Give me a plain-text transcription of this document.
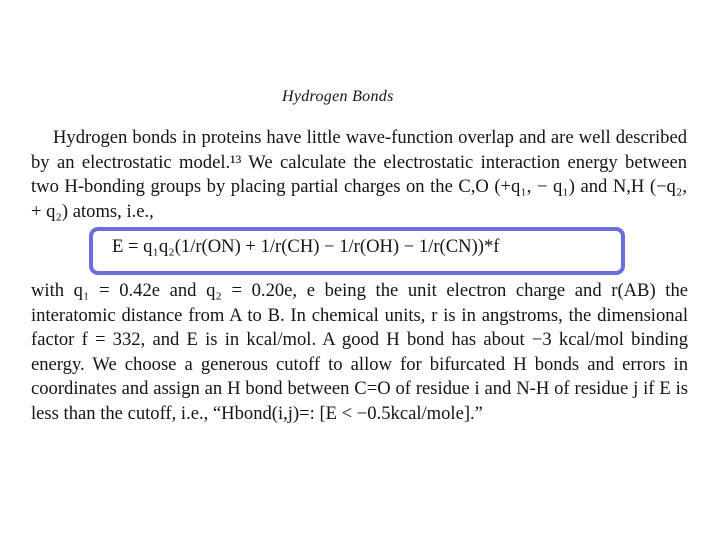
Hydrogen Bonds
Hydrogen bonds in proteins have little wave-function overlap and are well described by an electrostatic model.¹³ We calculate the electrostatic interaction energy between two H-bonding groups by placing partial charges on the C,O (+q₁, − q₁) and N,H (−q₂, + q₂) atoms, i.e.,
E = q₁q₂(1/r(ON) + 1/r(CH) − 1/r(OH) − 1/r(CN))*f
with q₁ = 0.42e and q₂ = 0.20e, e being the unit electron charge and r(AB) the interatomic distance from A to B. In chemical units, r is in angstroms, the dimensional factor f = 332, and E is in kcal/mol. A good H bond has about −3 kcal/mol binding energy. We choose a generous cutoff to allow for bifurcated H bonds and errors in coordinates and assign an H bond between C=O of residue i and N-H of residue j if E is less than the cutoff, i.e., “Hbond(i,j)=: [E < −0.5kcal/mole].”
